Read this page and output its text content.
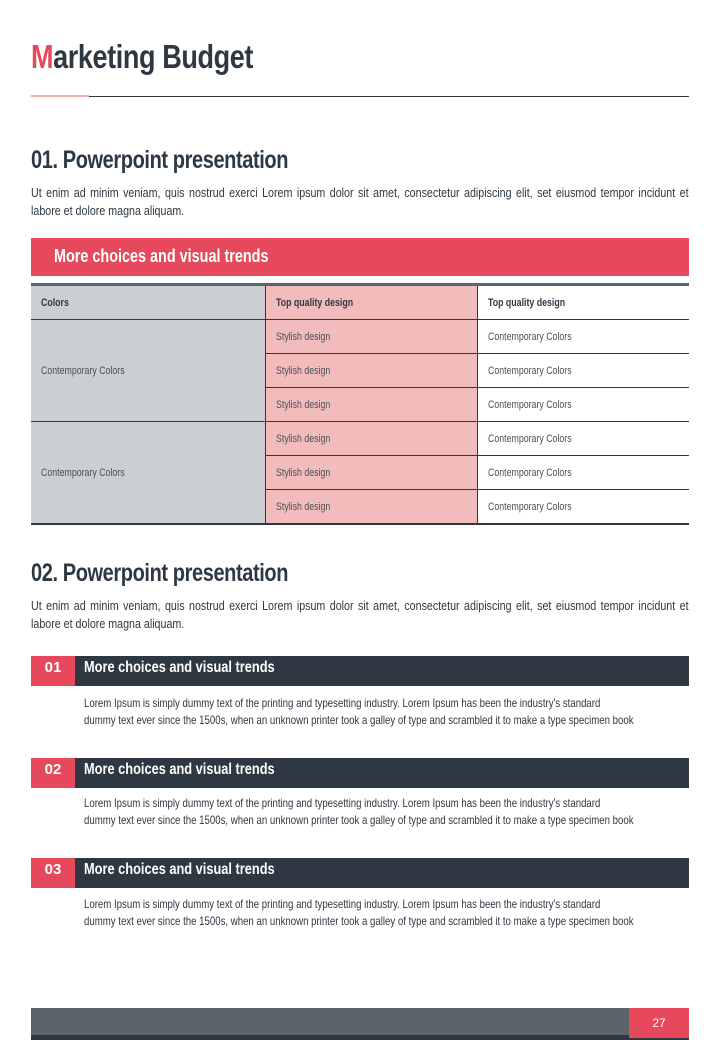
Marketing Budget
01. Powerpoint presentation

Ut enim ad minim veniam, quis nostrud exerci Lorem ipsum dolor sit amet, consectetur adipiscing elit, set eiusmod tempor incidunt et labore et dolore magna aliquam.

More choices and visual trends
Colors	Top quality design	Top quality design
Contemporary Colors	Stylish design	Contemporary Colors
	Stylish design	Contemporary Colors
	Stylish design	Contemporary Colors
Contemporary Colors	Stylish design	Contemporary Colors
	Stylish design	Contemporary Colors
	Stylish design	Contemporary Colors
02. Powerpoint presentation

Ut enim ad minim veniam, quis nostrud exerci Lorem ipsum dolor sit amet, consectetur adipiscing elit, set eiusmod tempor incidunt et labore et dolore magna aliquam.

01	More choices and visual trends

Lorem Ipsum is simply dummy text of the printing and typesetting industry. Lorem Ipsum has been the industry's standard
dummy text ever since the 1500s, when an unknown printer took a galley of type and scrambled it to make a type specimen book

02	More choices and visual trends

Lorem Ipsum is simply dummy text of the printing and typesetting industry. Lorem Ipsum has been the industry's standard
dummy text ever since the 1500s, when an unknown printer took a galley of type and scrambled it to make a type specimen book

03	More choices and visual trends

Lorem Ipsum is simply dummy text of the printing and typesetting industry. Lorem Ipsum has been the industry's standard
dummy text ever since the 1500s, when an unknown printer took a galley of type and scrambled it to make a type specimen book

27
